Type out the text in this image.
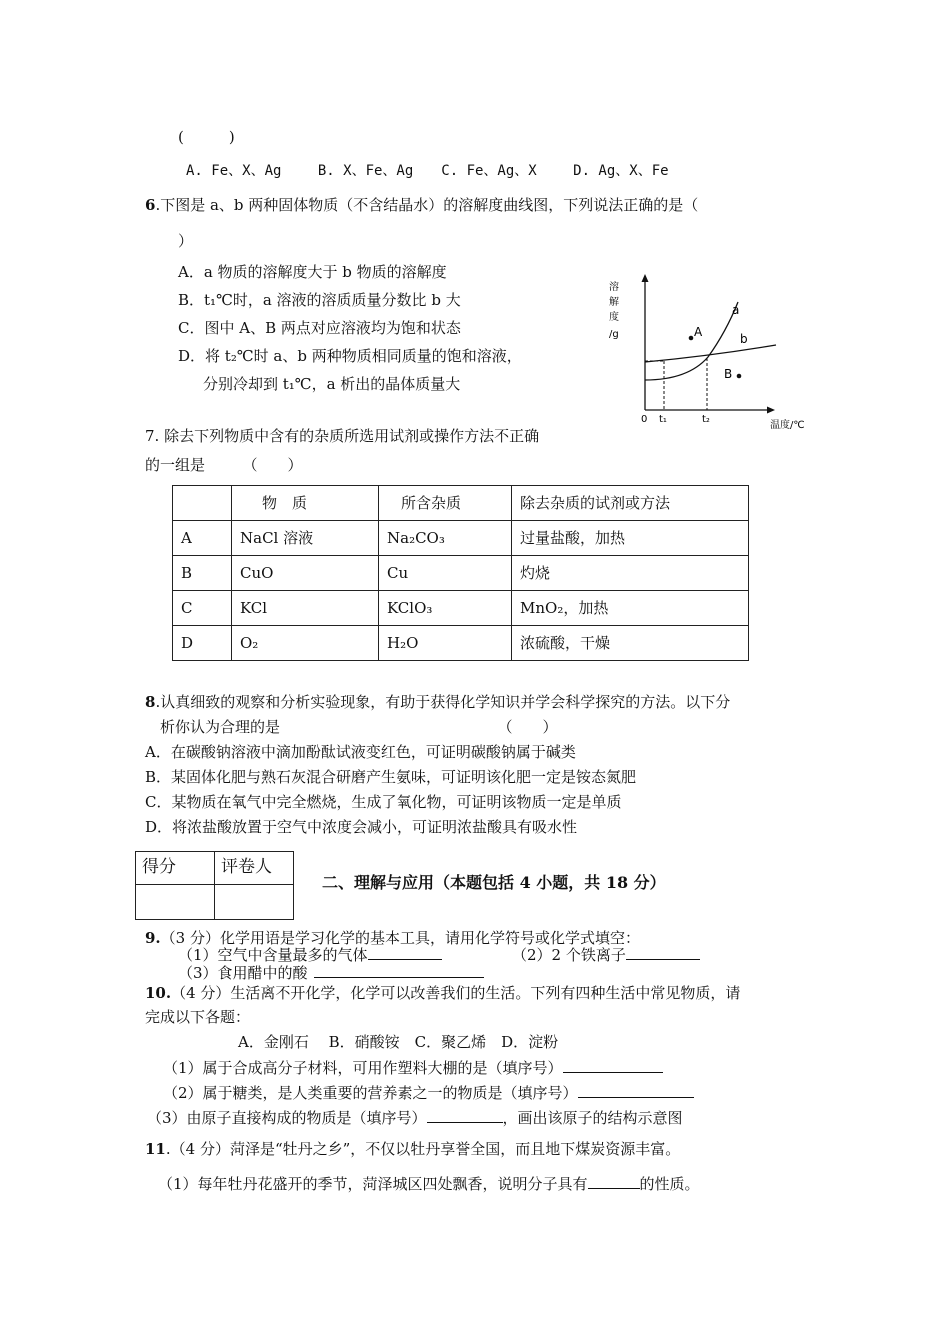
(　　　)
A. Fe、X、Ag　　 B. X、Fe、Ag　　C. Fe、Ag、X　　 D. Ag、X、Fe
6.下图是 a、b 两种固体物质（不含结晶水）的溶解度曲线图，下列说法正确的是（
）
A．a 物质的溶解度大于 b 物质的溶解度
B．t₁℃时，a 溶液的溶质质量分数比 b 大
C．图中 A、B 两点对应溶液均为饱和状态
D．将 t₂℃时 a、b 两种物质相同质量的饱和溶液，
分别冷却到 t₁℃，a 析出的晶体质量大
溶
解
度
/g
a
b
A
B
0 t₁	t₂
温度/℃
7. 除去下列物质中含有的杂质所选用试剂或操作方法不正确
的一组是　　　（　　）
	物　质	所含杂质	除去杂质的试剂或方法
A	NaCl 溶液	Na₂CO₃	过量盐酸，加热
B	CuO	Cu	灼烧
C	KCl	KClO₃	MnO₂，加热
D	O₂	H₂O	浓硫酸，干燥
8.认真细致的观察和分析实验现象，有助于获得化学知识并学会科学探究的方法。以下分
析你认为合理的是　　　　　　　　　　　　　　　（　　）
A．在碳酸钠溶液中滴加酚酞试液变红色，可证明碳酸钠属于碱类
B．某固体化肥与熟石灰混合研磨产生氨味，可证明该化肥一定是铵态氮肥
C．某物质在氧气中完全燃烧，生成了氧化物，可证明该物质一定是单质
D．将浓盐酸放置于空气中浓度会减小，可证明浓盐酸具有吸水性
得分	评卷人

二、理解与应用（本题包括 4 小题，共 18 分）
9.（3 分）化学用语是学习化学的基本工具，请用化学符号或化学式填空：
（1）空气中含量最多的气体	（2）2 个铁离子
（3）食用醋中的酸
10.（4 分）生活离不开化学，化学可以改善我们的生活。下列有四种生活中常见物质，请
完成以下各题：
A．金刚石　 B．硝酸铵　C．聚乙烯　D．淀粉
（1）属于合成高分子材料，可用作塑料大棚的是（填序号）
（2）属于糖类，是人类重要的营养素之一的物质是（填序号）
（3）由原子直接构成的物质是（填序号）	，画出该原子的结构示意图
11.（4 分）菏泽是“牡丹之乡”，不仅以牡丹享誉全国，而且地下煤炭资源丰富。
（1）每年牡丹花盛开的季节，菏泽城区四处飘香，说明分子具有	的性质。
